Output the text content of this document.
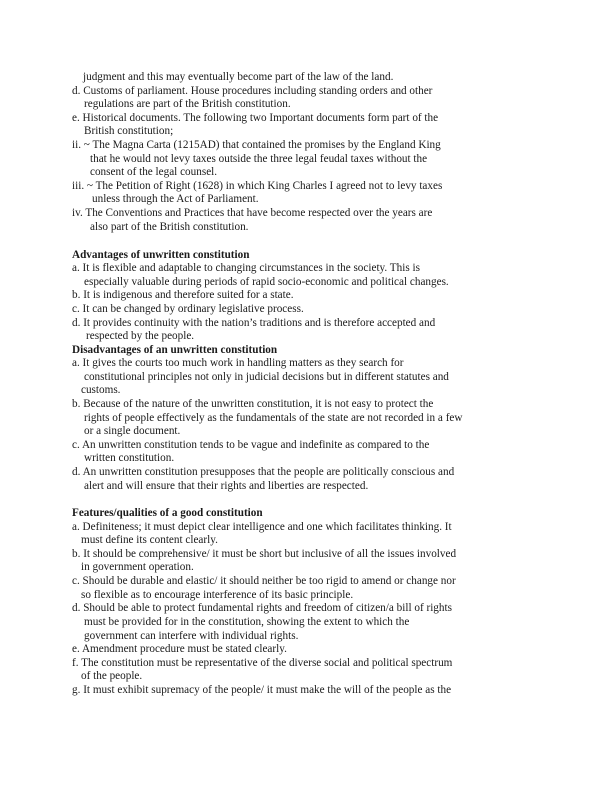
judgment and this may eventually become part of the law of the land.
d. Customs of parliament. House procedures including standing orders and other
regulations are part of the British constitution.
e. Historical documents. The following two Important documents form part of the
British constitution;
ii. ~ The Magna Carta (1215AD) that contained the promises by the England King
that he would not levy taxes outside the three legal feudal taxes without the
consent of the legal counsel.
iii. ~ The Petition of Right (1628) in which King Charles I agreed not to levy taxes
unless through the Act of Parliament.
iv. The Conventions and Practices that have become respected over the years are
also part of the British constitution.
Advantages of unwritten constitution
a. It is flexible and adaptable to changing circumstances in the society. This is
especially valuable during periods of rapid socio-economic and political changes.
b. It is indigenous and therefore suited for a state.
c. It can be changed by ordinary legislative process.
d. It provides continuity with the nation’s traditions and is therefore accepted and
respected by the people.
Disadvantages of an unwritten constitution
a. It gives the courts too much work in handling matters as they search for
constitutional principles not only in judicial decisions but in different statutes and
customs.
b. Because of the nature of the unwritten constitution, it is not easy to protect the
rights of people effectively as the fundamentals of the state are not recorded in a few
or a single document.
c. An unwritten constitution tends to be vague and indefinite as compared to the
written constitution.
d. An unwritten constitution presupposes that the people are politically conscious and
alert and will ensure that their rights and liberties are respected.
Features/qualities of a good constitution
a. Definiteness; it must depict clear intelligence and one which facilitates thinking. It
must define its content clearly.
b. It should be comprehensive/ it must be short but inclusive of all the issues involved
in government operation.
c. Should be durable and elastic/ it should neither be too rigid to amend or change nor
so flexible as to encourage interference of its basic principle.
d. Should be able to protect fundamental rights and freedom of citizen/a bill of rights
must be provided for in the constitution, showing the extent to which the
government can interfere with individual rights.
e. Amendment procedure must be stated clearly.
f. The constitution must be representative of the diverse social and political spectrum
of the people.
g. It must exhibit supremacy of the people/ it must make the will of the people as the
